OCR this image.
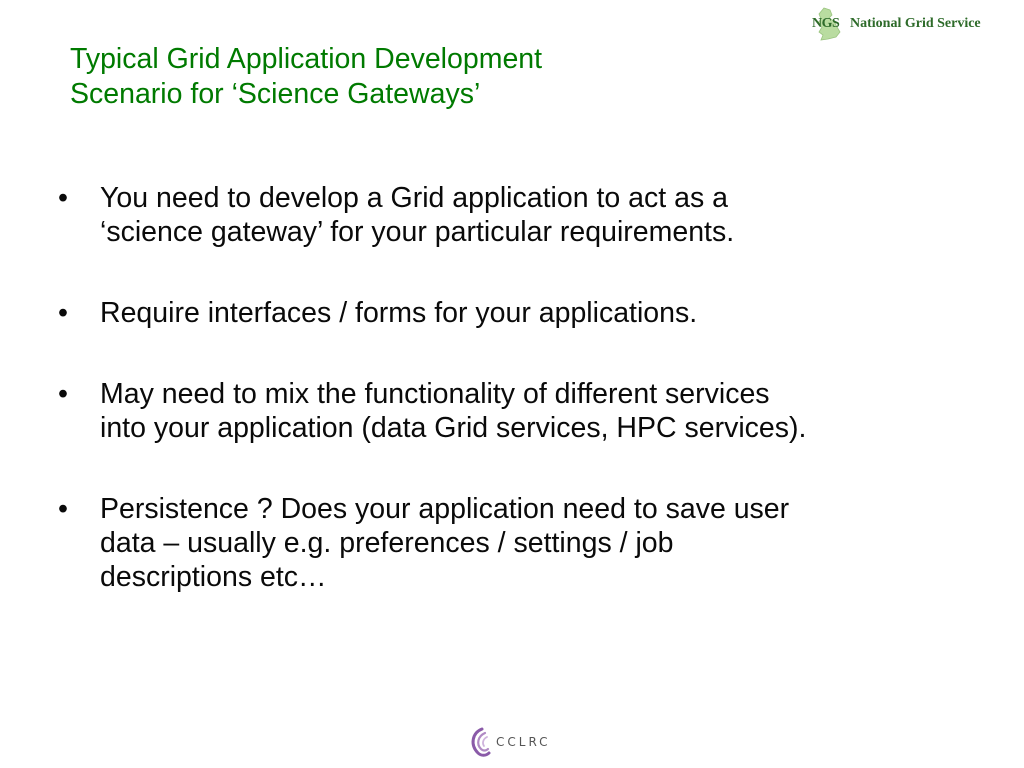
NGS National Grid Service
Typical Grid Application Development
Scenario for ‘Science Gateways’
•	You need to develop a Grid application to act as a
‘science gateway’ for your particular requirements.
•	Require interfaces / forms for your applications.
•	May need to mix the functionality of different services
into your application (data Grid services, HPC services).
•	Persistence ? Does your application need to save user
data – usually e.g. preferences / settings / job
descriptions etc…
CCLRC
